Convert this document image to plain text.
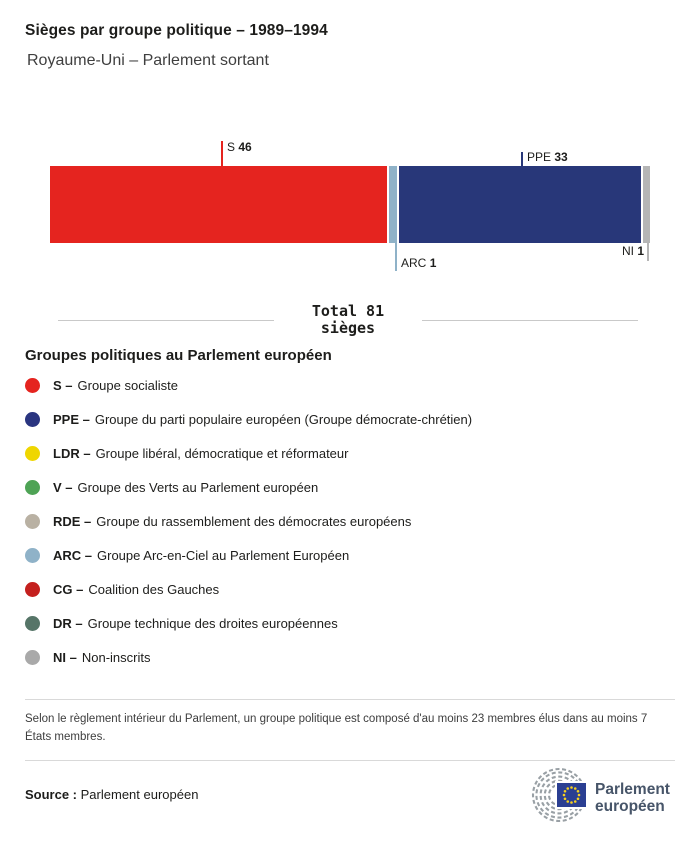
Sièges par groupe politique – 1989–1994
Royaume-Uni – Parlement sortant
S 46
PPE 33
ARC 1
NI 1
Total 81
sièges
Groupes politiques au Parlement européen
S – Groupe socialiste
PPE – Groupe du parti populaire européen (Groupe démocrate-chrétien)
LDR – Groupe libéral, démocratique et réformateur
V – Groupe des Verts au Parlement européen
RDE – Groupe du rassemblement des démocrates européens
ARC – Groupe Arc-en-Ciel au Parlement Européen
CG – Coalition des Gauches
DR – Groupe technique des droites européennes
NI – Non-inscrits

Selon le règlement intérieur du Parlement, un groupe politique est composé d'au moins 23 membres élus dans au moins 7 États membres.

Source : Parlement européen	Parlement
européen
